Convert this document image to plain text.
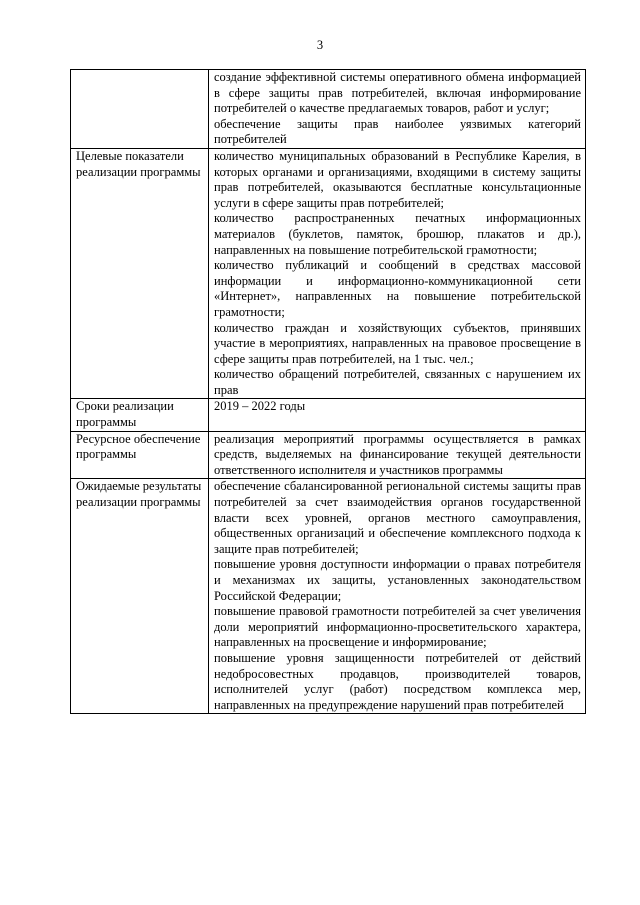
3

	создание эффективной системы оперативного обмена информацией в сфере защиты прав потребителей, включая информирование потребителей о качестве предлагаемых товаров, работ и услуг;
обеспечение защиты прав наиболее уязвимых категорий потребителей

Целевые показатели реализации программы	количество муниципальных образований в Республике Карелия, в которых органами и организациями, входящими в систему защиты прав потребителей, оказываются бесплатные консультационные услуги в сфере защиты прав потребителей;
количество распространенных печатных информационных материалов (буклетов, памяток, брошюр, плакатов и др.), направленных на повышение потребительской грамотности;
количество публикаций и сообщений в средствах массовой информации и информационно-коммуникационной сети «Интернет», направленных на повышение потребительской грамотности;
количество граждан и хозяйствующих субъектов, принявших участие в мероприятиях, направленных на правовое просвещение в сфере защиты прав потребителей, на 1 тыс. чел.;
количество обращений потребителей, связанных с нарушением их прав

Сроки реализации программы	2019 – 2022 годы

Ресурсное обеспечение программы	реализация мероприятий программы осуществляется в рамках средств, выделяемых на финансирование текущей деятельности ответственного исполнителя и участников программы

Ожидаемые результаты реализации программы	обеспечение сбалансированной региональной системы защиты прав потребителей за счет взаимодействия органов государственной власти всех уровней, органов местного самоуправления, общественных организаций и обеспечение комплексного подхода к защите прав потребителей;
повышение уровня доступности информации о правах потребителя и механизмах их защиты, установленных законодательством Российской Федерации;
повышение правовой грамотности потребителей за счет увеличения доли мероприятий информационно-просветительского характера, направленных на просвещение и информирование;
повышение уровня защищенности потребителей от действий недобросовестных продавцов, производителей товаров, исполнителей услуг (работ) посредством комплекса мер, направленных на предупреждение нарушений прав потребителей
